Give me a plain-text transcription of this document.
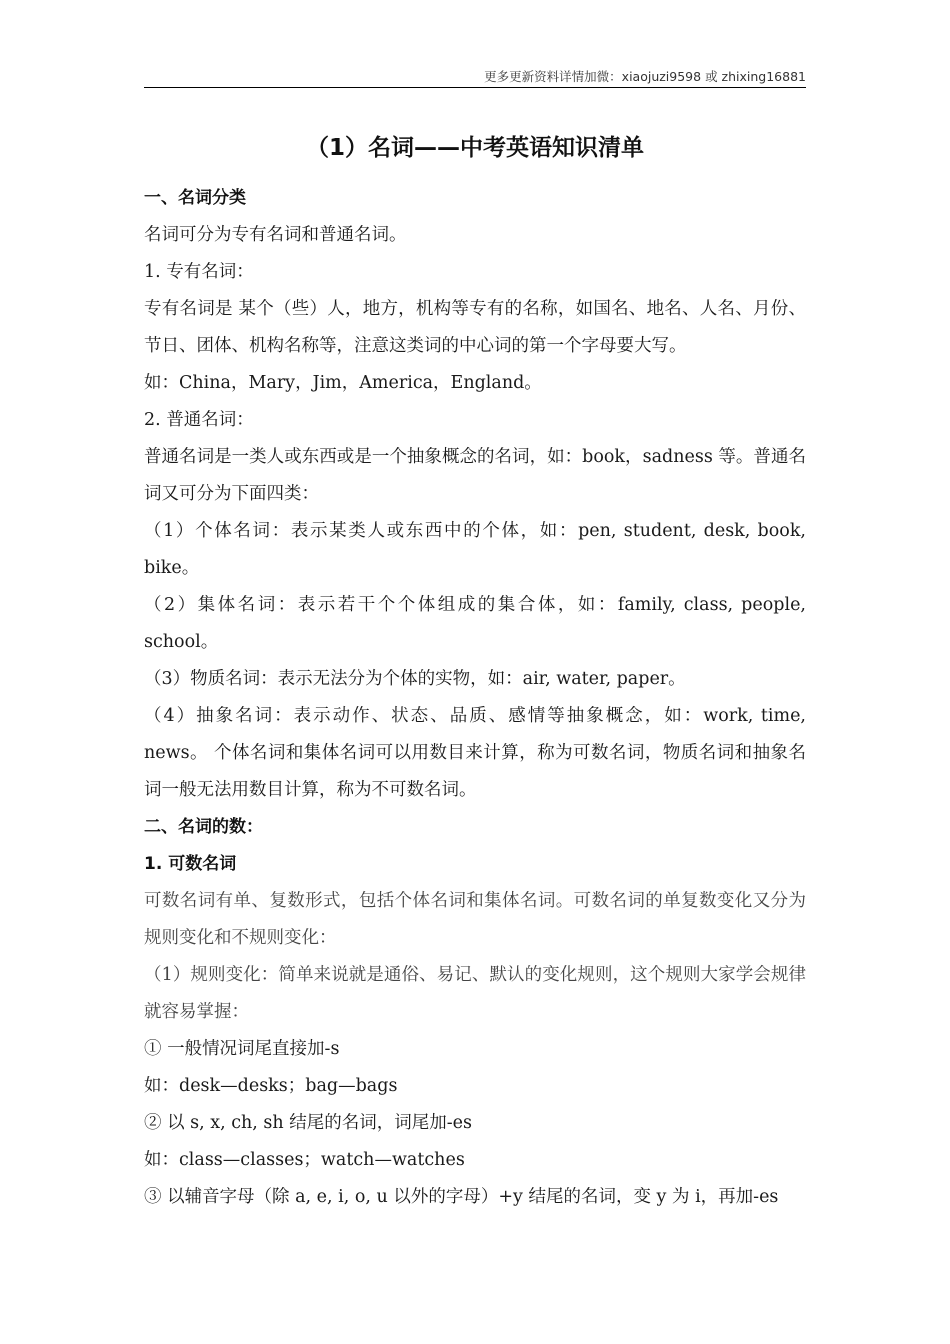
更多更新资料详情加微：xiaojuzi9598 或 zhixing16881
（1）名词——中考英语知识清单

一、名词分类

名词可分为专有名词和普通名词。

1. 专有名词：

专有名词是 某个（些）人，地方，机构等专有的名称，如国名、地名、人名、月份、节日、团体、机构名称等，注意这类词的中心词的第一个字母要大写。

如：China，Mary，Jim，America，England。

2. 普通名词：

普通名词是一类人或东西或是一个抽象概念的名词，如：book，sadness 等。普通名词又可分为下面四类：

（1）个体名词：表示某类人或东西中的个体，如：pen, student, desk, book, bike。

（2）集体名词：表示若干个个体组成的集合体，如：family, class, people, school。

（3）物质名词：表示无法分为个体的实物，如：air, water, paper。

（4）抽象名词：表示动作、状态、品质、感情等抽象概念，如：work, time, news。 个体名词和集体名词可以用数目来计算，称为可数名词，物质名词和抽象名词一般无法用数目计算，称为不可数名词。

二、名词的数：

1. 可数名词

可数名词有单、复数形式，包括个体名词和集体名词。可数名词的单复数变化又分为规则变化和不规则变化：

（1）规则变化：简单来说就是通俗、易记、默认的变化规则，这个规则大家学会规律就容易掌握：

① 一般情况词尾直接加-s

如：desk—desks；bag—bags

② 以 s, x, ch, sh 结尾的名词，词尾加-es

如：class—classes；watch—watches

③ 以辅音字母（除 a, e, i, o, u 以外的字母）+y 结尾的名词，变 y 为 i，再加-es
